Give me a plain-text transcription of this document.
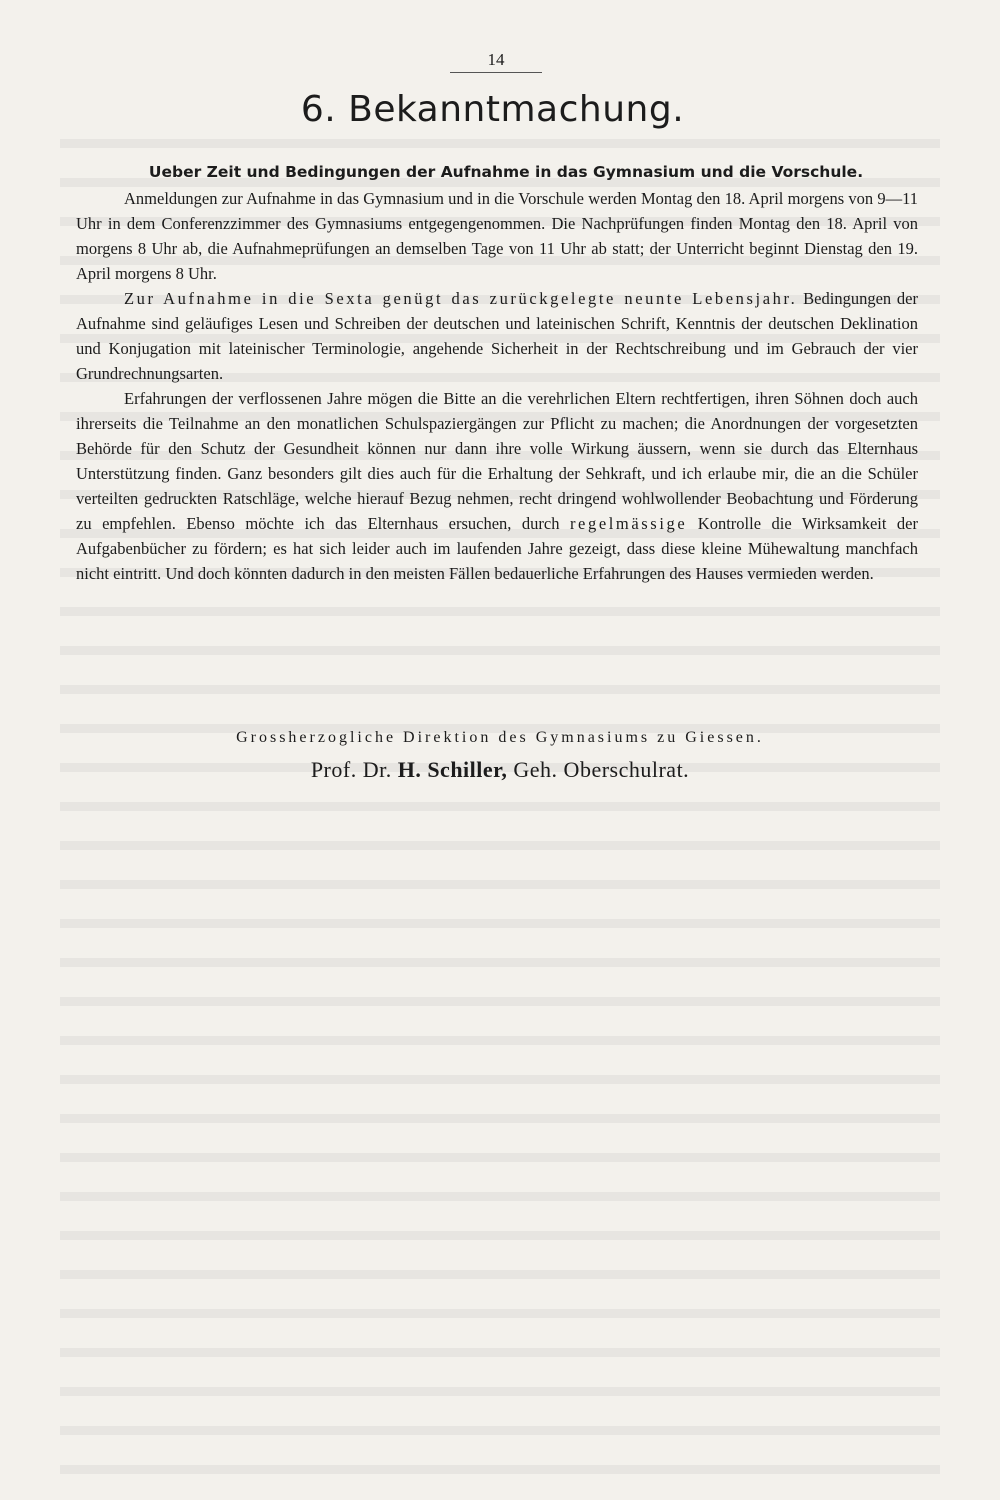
14
6. Bekanntmachung.
Ueber Zeit und Bedingungen der Aufnahme in das Gymnasium und die Vorschule.

Anmeldungen zur Aufnahme in das Gymnasium und in die Vorschule werden Montag den 18. April morgens von 9—11 Uhr in dem Conferenzzimmer des Gymnasiums entgegengenommen. Die Nachprüfungen finden Montag den 18. April von morgens 8 Uhr ab, die Aufnahmeprüfungen an demselben Tage von 11 Uhr ab statt; der Unterricht beginnt Dienstag den 19. April morgens 8 Uhr.

Zur Aufnahme in die Sexta genügt das zurückgelegte neunte Lebensjahr. Bedingungen der Aufnahme sind geläufiges Lesen und Schreiben der deutschen und lateinischen Schrift, Kenntnis der deutschen Deklination und Konjugation mit lateinischer Terminologie, angehende Sicherheit in der Rechtschreibung und im Gebrauch der vier Grundrechnungsarten.

Erfahrungen der verflossenen Jahre mögen die Bitte an die verehrlichen Eltern rechtfertigen, ihren Söhnen doch auch ihrerseits die Teilnahme an den monatlichen Schulspaziergängen zur Pflicht zu machen; die Anordnungen der vorgesetzten Behörde für den Schutz der Gesundheit können nur dann ihre volle Wirkung äussern, wenn sie durch das Elternhaus Unterstützung finden. Ganz besonders gilt dies auch für die Erhaltung der Sehkraft, und ich erlaube mir, die an die Schüler verteilten gedruckten Ratschläge, welche hierauf Bezug nehmen, recht dringend wohlwollender Beobachtung und Förderung zu empfehlen. Ebenso möchte ich das Elternhaus ersuchen, durch regelmässige Kontrolle die Wirksamkeit der Aufgabenbücher zu fördern; es hat sich leider auch im laufenden Jahre gezeigt, dass diese kleine Mühewaltung manchfach nicht eintritt. Und doch könnten dadurch in den meisten Fällen bedauerliche Erfahrungen des Hauses vermieden werden.

Grossherzogliche Direktion des Gymnasiums zu Giessen.
Prof. Dr. H. Schiller, Geh. Oberschulrat.
